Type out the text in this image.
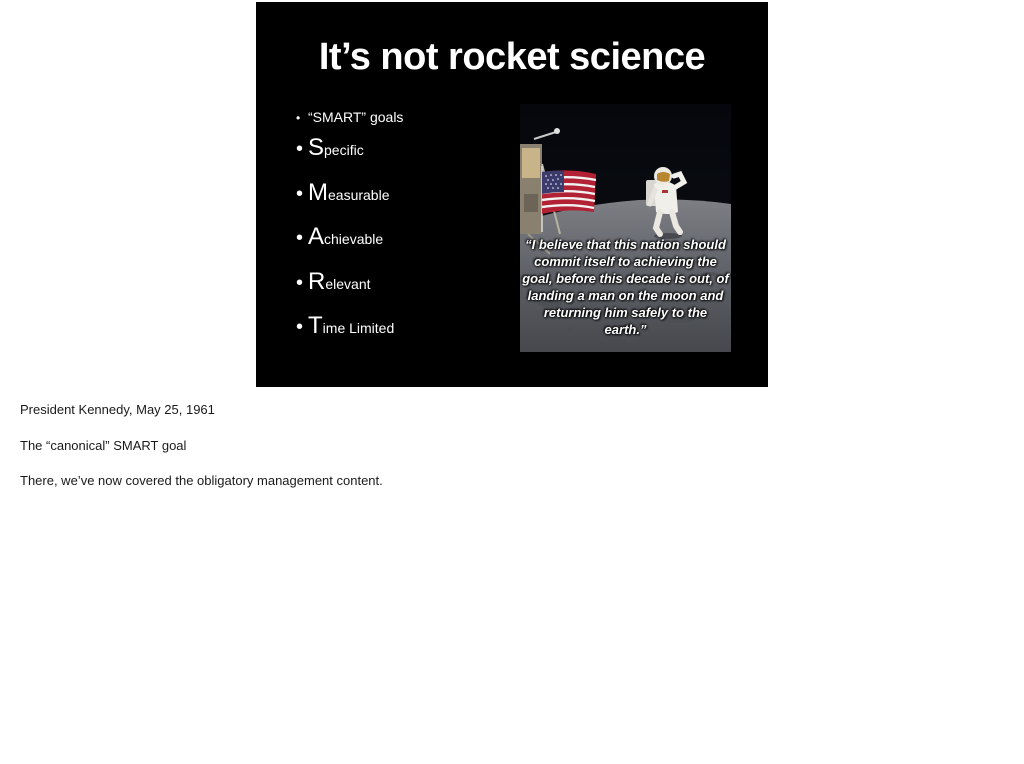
It’s not rocket science
• “SMART” goals
• Specific
• Measurable
• Achievable
• Relevant
• Time Limited
“I believe that this nation should commit itself to achieving the goal, before this decade is out, of landing a man on the moon and returning him safely to the earth.”
President Kennedy, May 25, 1961
The “canonical” SMART goal
There, we’ve now covered the obligatory management content.
